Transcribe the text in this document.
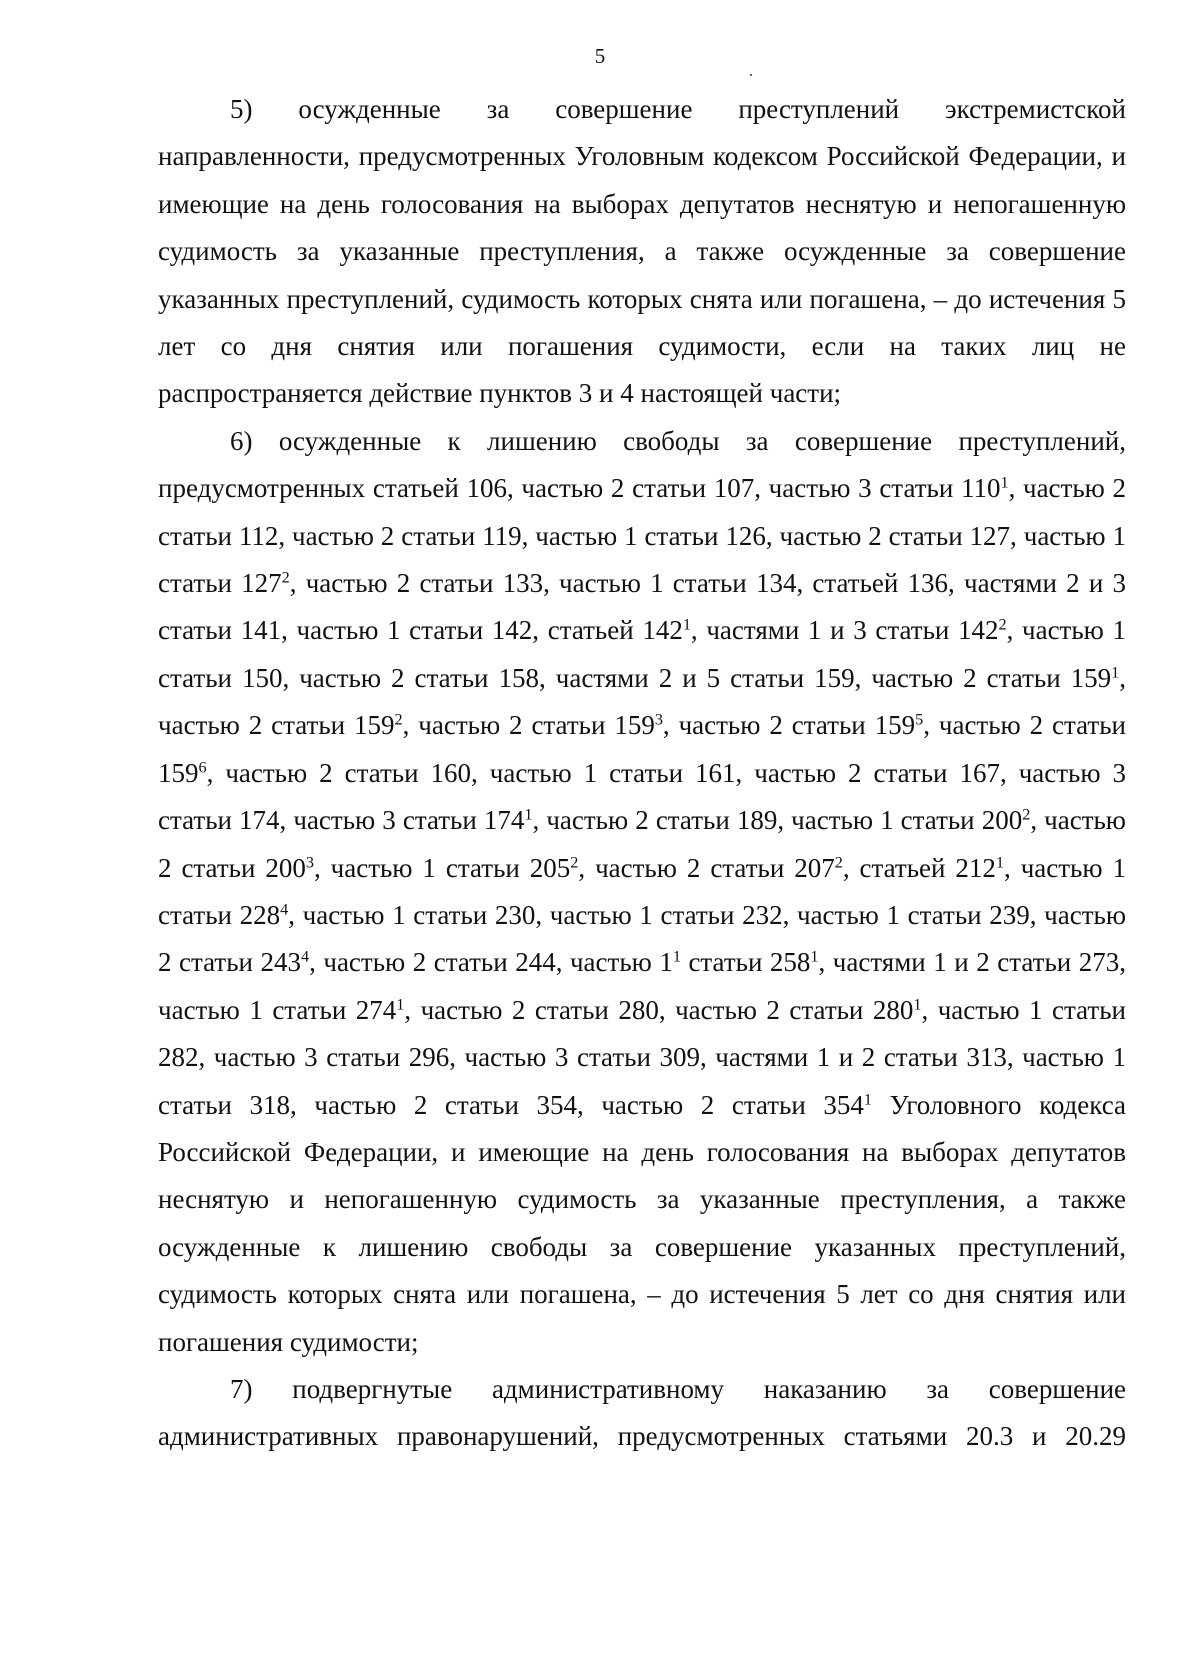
5

5) осужденные за совершение преступлений экстремистской направленности, предусмотренных Уголовным кодексом Российской Федерации, и имеющие на день голосования на выборах депутатов неснятую и непогашенную судимость за указанные преступления, а также осужденные за совершение указанных преступлений, судимость которых снята или погашена, – до истечения 5 лет со дня снятия или погашения судимости, если на таких лиц не распространяется действие пунктов 3 и 4 настоящей части;

6) осужденные к лишению свободы за совершение преступлений, предусмотренных статьей 106, частью 2 статьи 107, частью 3 статьи $110^1$, частью 2 статьи 112, частью 2 статьи 119, частью 1 статьи 126, частью 2 статьи 127, частью 1 статьи $127^2$, частью 2 статьи 133, частью 1 статьи 134, статьей 136, частями 2 и 3 статьи 141, частью 1 статьи 142, статьей $142^1$, частями 1 и 3 статьи $142^2$, частью 1 статьи 150, частью 2 статьи 158, частями 2 и 5 статьи 159, частью 2 статьи $159^1$, частью 2 статьи $159^2$, частью 2 статьи $159^3$, частью 2 статьи $159^5$, частью 2 статьи $159^6$, частью 2 статьи 160, частью 1 статьи 161, частью 2 статьи 167, частью 3 статьи 174, частью 3 статьи $174^1$, частью 2 статьи 189, частью 1 статьи $200^2$, частью 2 статьи $200^3$, частью 1 статьи $205^2$, частью 2 статьи $207^2$, статьей $212^1$, частью 1 статьи $228^4$, частью 1 статьи 230, частью 1 статьи 232, частью 1 статьи 239, частью 2 статьи $243^4$, частью 2 статьи 244, частью $1^1$ статьи $258^1$, частями 1 и 2 статьи 273, частью 1 статьи $274^1$, частью 2 статьи 280, частью 2 статьи $280^1$, частью 1 статьи 282, частью 3 статьи 296, частью 3 статьи 309, частями 1 и 2 статьи 313, частью 1 статьи 318, частью 2 статьи 354, частью 2 статьи $354^1$ Уголовного кодекса Российской Федерации, и имеющие на день голосования на выборах депутатов неснятую и непогашенную судимость за указанные преступления, а также осужденные к лишению свободы за совершение указанных преступлений, судимость которых снята или погашена, – до истечения 5 лет со дня снятия или погашения судимости;

7) подвергнутые административному наказанию за совершение административных правонарушений, предусмотренных статьями 20.3 и 20.29
